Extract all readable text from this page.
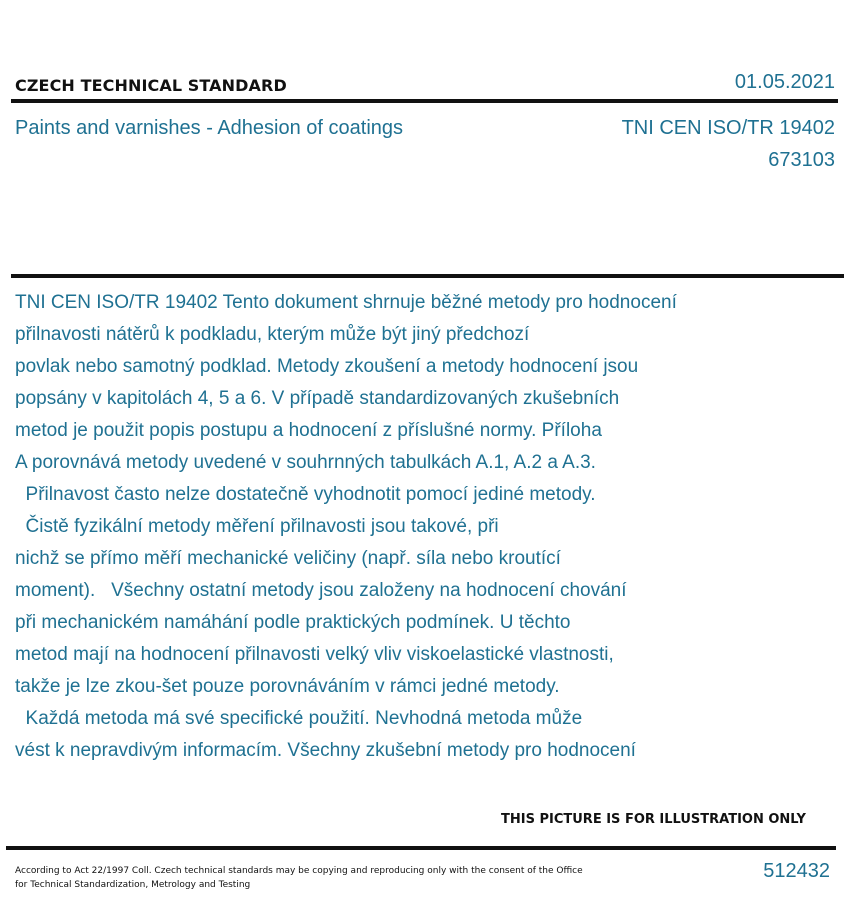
CZECH TECHNICAL STANDARD	01.05.2021
Paints and varnishes - Adhesion of coatings	TNI CEN ISO/TR 19402
673103
TNI CEN ISO/TR 19402 Tento dokument shrnuje běžné metody pro hodnocení
přilnavosti nátěrů k podkladu, kterým může být jiný předchozí
povlak nebo samotný podklad. Metody zkoušení a metody hodnocení jsou
popsány v kapitolách 4, 5 a 6. V případě standardizovaných zkušebních
metod je použit popis postupu a hodnocení z příslušné normy. Příloha
A porovnává metody uvedené v souhrnných tabulkách A.1, A.2 a A.3.
Přilnavost často nelze dostatečně vyhodnotit pomocí jediné metody.
Čistě fyzikální metody měření přilnavosti jsou takové, při
nichž se přímo měří mechanické veličiny (např. síla nebo kroutící
moment).   Všechny ostatní metody jsou založeny na hodnocení chování
při mechanickém namáhání podle praktických podmínek. U těchto
metod mají na hodnocení přilnavosti velký vliv viskoelastické vlastnosti,
takže je lze zkou-šet pouze porovnáváním v rámci jedné metody.
Každá metoda má své specifické použití. Nevhodná metoda může
vést k nepravdivým informacím. Všechny zkušební metody pro hodnocení
THIS PICTURE IS FOR ILLUSTRATION ONLY
According to Act 22/1997 Coll. Czech technical standards may be copying and reproducing only with the consent of the Office
for Technical Standardization, Metrology and Testing
512432
